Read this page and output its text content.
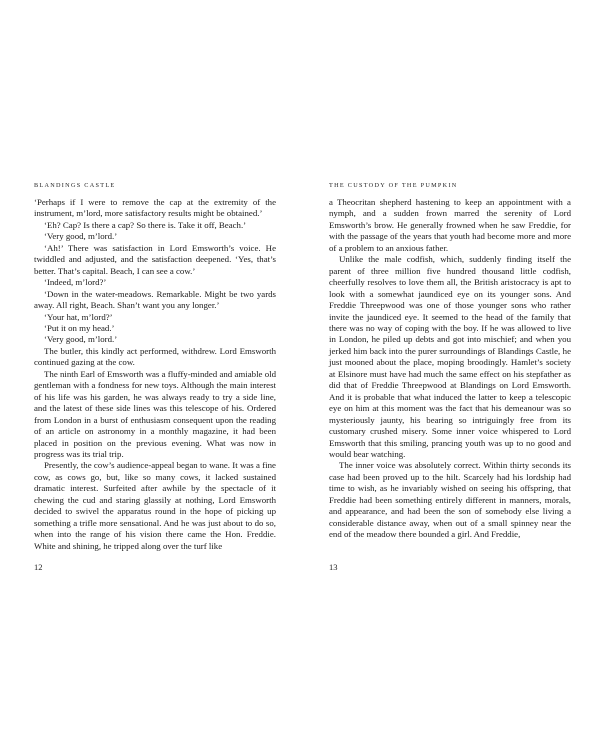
BLANDINGS CASTLE

‘Perhaps if I were to remove the cap at the extremity of the instrument, m’lord, more satisfactory results might be obtained.’

‘Eh? Cap? Is there a cap? So there is. Take it off, Beach.’

‘Very good, m’lord.’

‘Ah!’ There was satisfaction in Lord Emsworth’s voice. He twiddled and adjusted, and the satisfaction deepened. ‘Yes, that’s better. That’s capital. Beach, I can see a cow.’

‘Indeed, m’lord?’

‘Down in the water-meadows. Remarkable. Might be two yards away. All right, Beach. Shan’t want you any longer.’

‘Your hat, m’lord?’

‘Put it on my head.’

‘Very good, m’lord.’

The butler, this kindly act performed, withdrew. Lord Emsworth continued gazing at the cow.

The ninth Earl of Emsworth was a fluffy-minded and amiable old gentleman with a fondness for new toys. Although the main interest of his life was his garden, he was always ready to try a side line, and the latest of these side lines was this telescope of his. Ordered from London in a burst of enthusiasm consequent upon the reading of an article on astronomy in a monthly magazine, it had been placed in position on the previous evening. What was now in progress was its trial trip.

Presently, the cow’s audience-appeal began to wane. It was a fine cow, as cows go, but, like so many cows, it lacked sustained dramatic interest. Surfeited after awhile by the spectacle of it chewing the cud and staring glassily at nothing, Lord Emsworth decided to swivel the apparatus round in the hope of picking up something a trifle more sensational. And he was just about to do so, when into the range of his vision there came the Hon. Freddie. White and shining, he tripped along over the turf like

THE CUSTODY OF THE PUMPKIN

a Theocritan shepherd hastening to keep an appointment with a nymph, and a sudden frown marred the serenity of Lord Emsworth’s brow. He generally frowned when he saw Freddie, for with the passage of the years that youth had become more and more of a problem to an anxious father.

Unlike the male codfish, which, suddenly finding itself the parent of three million five hundred thousand little codfish, cheerfully resolves to love them all, the British aristocracy is apt to look with a somewhat jaundiced eye on its younger sons. And Freddie Threepwood was one of those younger sons who rather invite the jaundiced eye. It seemed to the head of the family that there was no way of coping with the boy. If he was allowed to live in London, he piled up debts and got into mischief; and when you jerked him back into the purer surroundings of Blandings Castle, he just mooned about the place, moping broodingly. Hamlet’s society at Elsinore must have had much the same effect on his stepfather as did that of Freddie Threepwood at Blandings on Lord Emsworth. And it is probable that what induced the latter to keep a telescopic eye on him at this moment was the fact that his demeanour was so mysteriously jaunty, his bearing so intriguingly free from its customary crushed misery. Some inner voice whispered to Lord Emsworth that this smiling, prancing youth was up to no good and would bear watching.

The inner voice was absolutely correct. Within thirty seconds its case had been proved up to the hilt. Scarcely had his lordship had time to wish, as he invariably wished on seeing his offspring, that Freddie had been something entirely different in manners, morals, and appearance, and had been the son of somebody else living a considerable distance away, when out of a small spinney near the end of the meadow there bounded a girl. And Freddie,

12	13
